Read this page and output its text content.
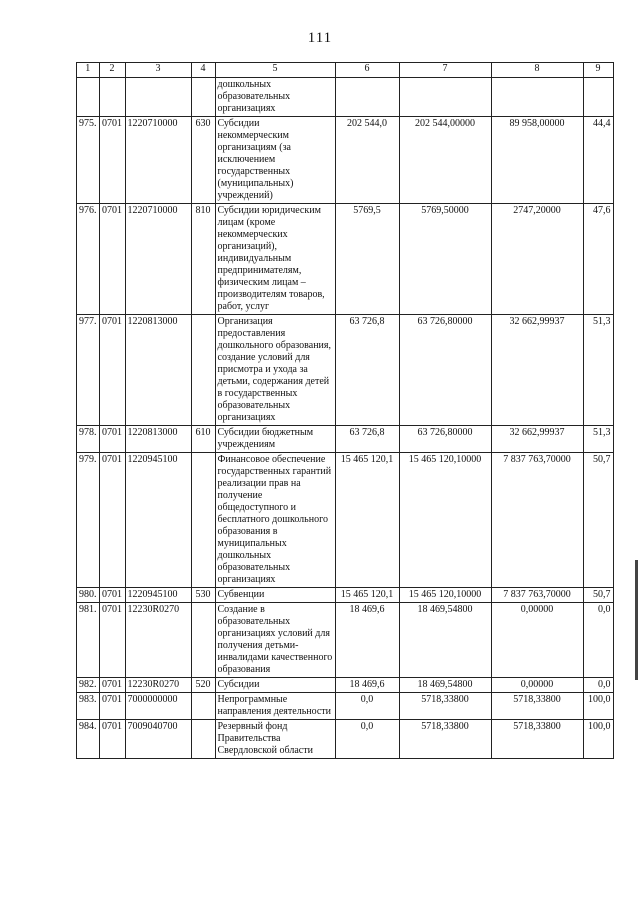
111
1	2	3	4	5	6	7	8	9
				дошкольных образовательных организациях				
975.	0701	1220710000	630	Субсидии некоммерческим организациям (за исключением государственных (муниципальных) учреждений)	202 544,0	202 544,00000	89 958,00000	44,4
976.	0701	1220710000	810	Субсидии юридическим лицам (кроме некоммерческих организаций), индивидуальным предпринимателям, физическим лицам – производителям товаров, работ, услуг	5769,5	5769,50000	2747,20000	47,6
977.	0701	1220813000		Организация предоставления дошкольного образования, создание условий для присмотра и ухода за детьми, содержания детей в государственных образовательных организациях	63 726,8	63 726,80000	32 662,99937	51,3
978.	0701	1220813000	610	Субсидии бюджетным учреждениям	63 726,8	63 726,80000	32 662,99937	51,3
979.	0701	1220945100		Финансовое обеспечение государственных гарантий реализации прав на получение общедоступного и бесплатного дошкольного образования в муниципальных дошкольных образовательных организациях	15 465 120,1	15 465 120,10000	7 837 763,70000	50,7
980.	0701	1220945100	530	Субвенции	15 465 120,1	15 465 120,10000	7 837 763,70000	50,7
981.	0701	12230R0270		Создание в образовательных организациях условий для получения детьми-инвалидами качественного образования	18 469,6	18 469,54800	0,00000	0,0
982.	0701	12230R0270	520	Субсидии	18 469,6	18 469,54800	0,00000	0,0
983.	0701	7000000000		Непрограммные направления деятельности	0,0	5718,33800	5718,33800	100,0
984.	0701	7009040700		Резервный фонд Правительства Свердловской области	0,0	5718,33800	5718,33800	100,0
